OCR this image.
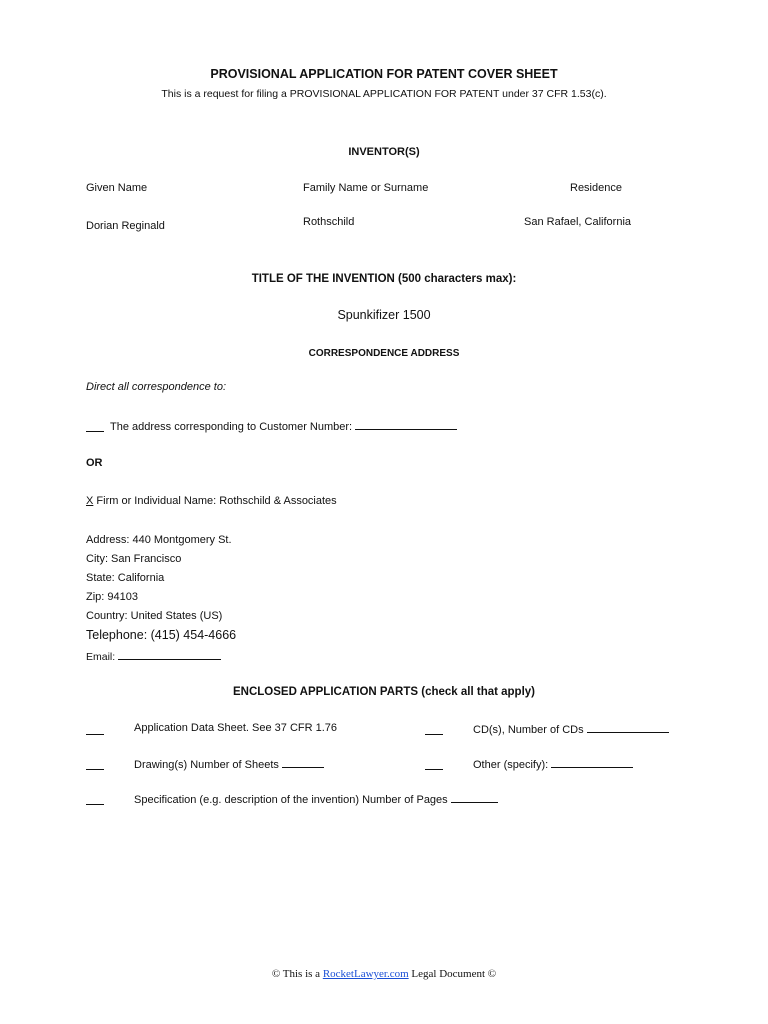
PROVISIONAL APPLICATION FOR PATENT COVER SHEET
This is a request for filing a PROVISIONAL APPLICATION FOR PATENT under 37 CFR 1.53(c).
INVENTOR(S)
Given Name	Family Name or Surname	Residence
Dorian Reginald	Rothschild	San Rafael, California
TITLE OF THE INVENTION (500 characters max):
Spunkifizer 1500
CORRESPONDENCE ADDRESS
Direct all correspondence to:
The address corresponding to Customer Number:
OR
X Firm or Individual Name: Rothschild & Associates
Address: 440 Montgomery St.
City: San Francisco
State: California
Zip: 94103
Country: United States (US)
Telephone: (415) 454-4666
Email:
ENCLOSED APPLICATION PARTS (check all that apply)
Application Data Sheet. See 37 CFR 1.76	CD(s), Number of CDs
Drawing(s) Number of Sheets	Other (specify):
Specification (e.g. description of the invention) Number of Pages
© This is a RocketLawyer.com Legal Document ©
